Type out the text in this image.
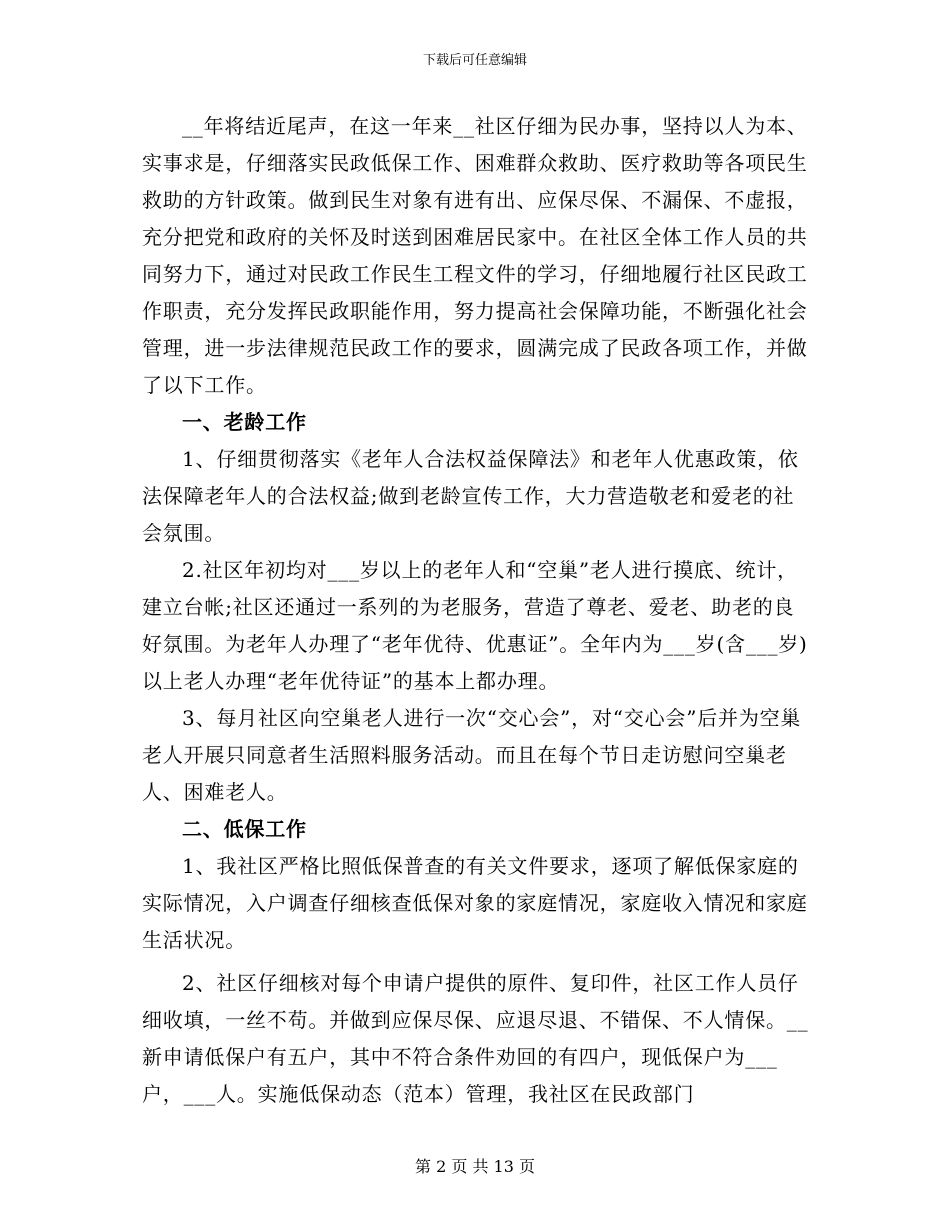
下载后可任意编辑

__年将结近尾声，在这一年来__社区仔细为民办事，坚持以人为本、实事求是，仔细落实民政低保工作、困难群众救助、医疗救助等各项民生救助的方针政策。做到民生对象有进有出、应保尽保、不漏保、不虚报，充分把党和政府的关怀及时送到困难居民家中。在社区全体工作人员的共同努力下，通过对民政工作民生工程文件的学习，仔细地履行社区民政工作职责，充分发挥民政职能作用，努力提高社会保障功能，不断强化社会管理，进一步法律规范民政工作的要求，圆满完成了民政各项工作，并做了以下工作。

一、老龄工作

1、仔细贯彻落实《老年人合法权益保障法》和老年人优惠政策，依法保障老年人的合法权益;做到老龄宣传工作，大力营造敬老和爱老的社会氛围。

2.社区年初均对___岁以上的老年人和“空巢”老人进行摸底、统计，建立台帐;社区还通过一系列的为老服务，营造了尊老、爱老、助老的良好氛围。为老年人办理了“老年优待、优惠证”。全年内为___岁(含___岁)以上老人办理“老年优待证”的基本上都办理。

3、每月社区向空巢老人进行一次“交心会”，对“交心会”后并为空巢老人开展只同意者生活照料服务活动。而且在每个节日走访慰问空巢老人、困难老人。

二、低保工作

1、我社区严格比照低保普查的有关文件要求，逐项了解低保家庭的实际情况，入户调查仔细核查低保对象的家庭情况，家庭收入情况和家庭生活状况。

2、社区仔细核对每个申请户提供的原件、复印件，社区工作人员仔细收填，一丝不苟。并做到应保尽保、应退尽退、不错保、不人情保。__新申请低保户有五户，其中不符合条件劝回的有四户，现低保户为___户，___人。实施低保动态（范本）管理，我社区在民政部门

第 2 页 共 13 页
